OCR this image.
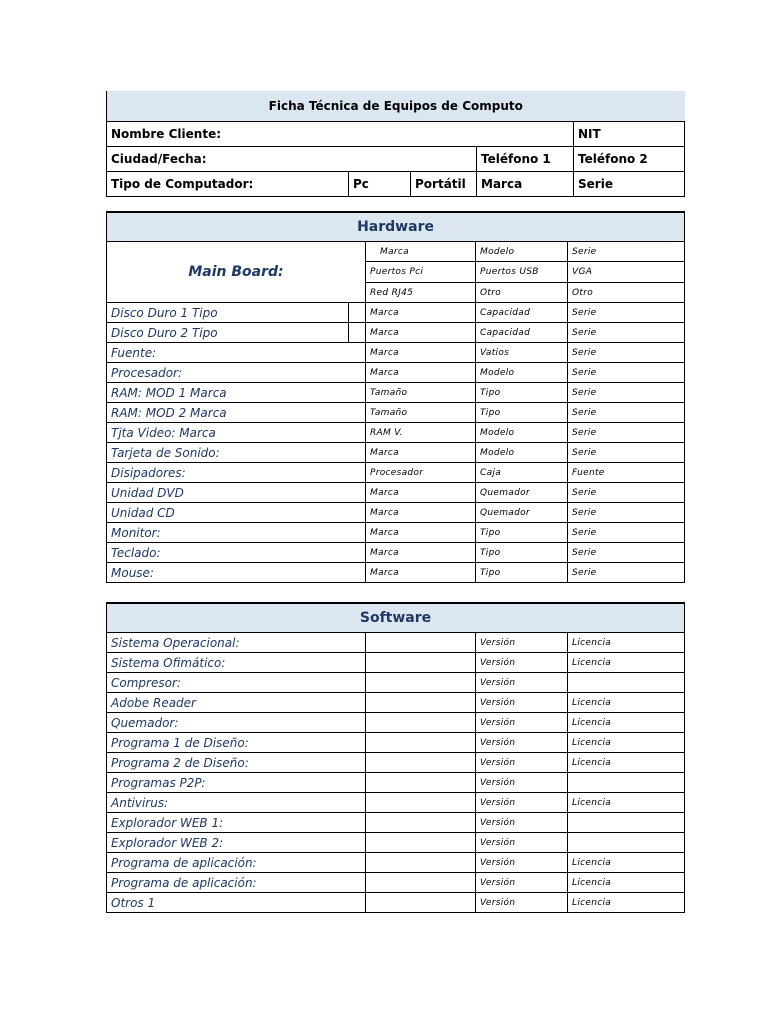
Ficha Técnica de Equipos de Computo				
Nombre Cliente:				NIT
Ciudad/Fecha:			Teléfono 1	Teléfono 2
Tipo de Computador:	Pc	Portátil	Marca	Serie
Hardware				
Main Board:		Marca	Modelo	Serie
		Puertos Pci	Puertos USB	VGA
		Red RJ45	Otro	Otro
Disco Duro 1 Tipo		Marca	Capacidad	Serie
Disco Duro 2 Tipo		Marca	Capacidad	Serie
Fuente:		Marca	Vatios	Serie
Procesador:		Marca	Modelo	Serie
RAM: MOD 1 Marca		Tamaño	Tipo	Serie
RAM: MOD 2 Marca		Tamaño	Tipo	Serie
Tjta Video: Marca		RAM V.	Modelo	Serie
Tarjeta de Sonido:		Marca	Modelo	Serie
Disipadores:		Procesador	Caja	Fuente
Unidad DVD		Marca	Quemador	Serie
Unidad CD		Marca	Quemador	Serie
Monitor:		Marca	Tipo	Serie
Teclado:		Marca	Tipo	Serie
Mouse:		Marca	Tipo	Serie
Software			
Sistema Operacional:		Versión	Licencia
Sistema Ofimático:		Versión	Licencia
Compresor:		Versión	
Adobe Reader		Versión	Licencia
Quemador:		Versión	Licencia
Programa 1 de Diseño:		Versión	Licencia
Programa 2 de Diseño:		Versión	Licencia
Programas P2P:		Versión	
Antivirus:		Versión	Licencia
Explorador WEB 1:		Versión	
Explorador WEB 2:		Versión	
Programa de aplicación:		Versión	Licencia
Programa de aplicación:		Versión	Licencia
Otros 1		Versión	Licencia
